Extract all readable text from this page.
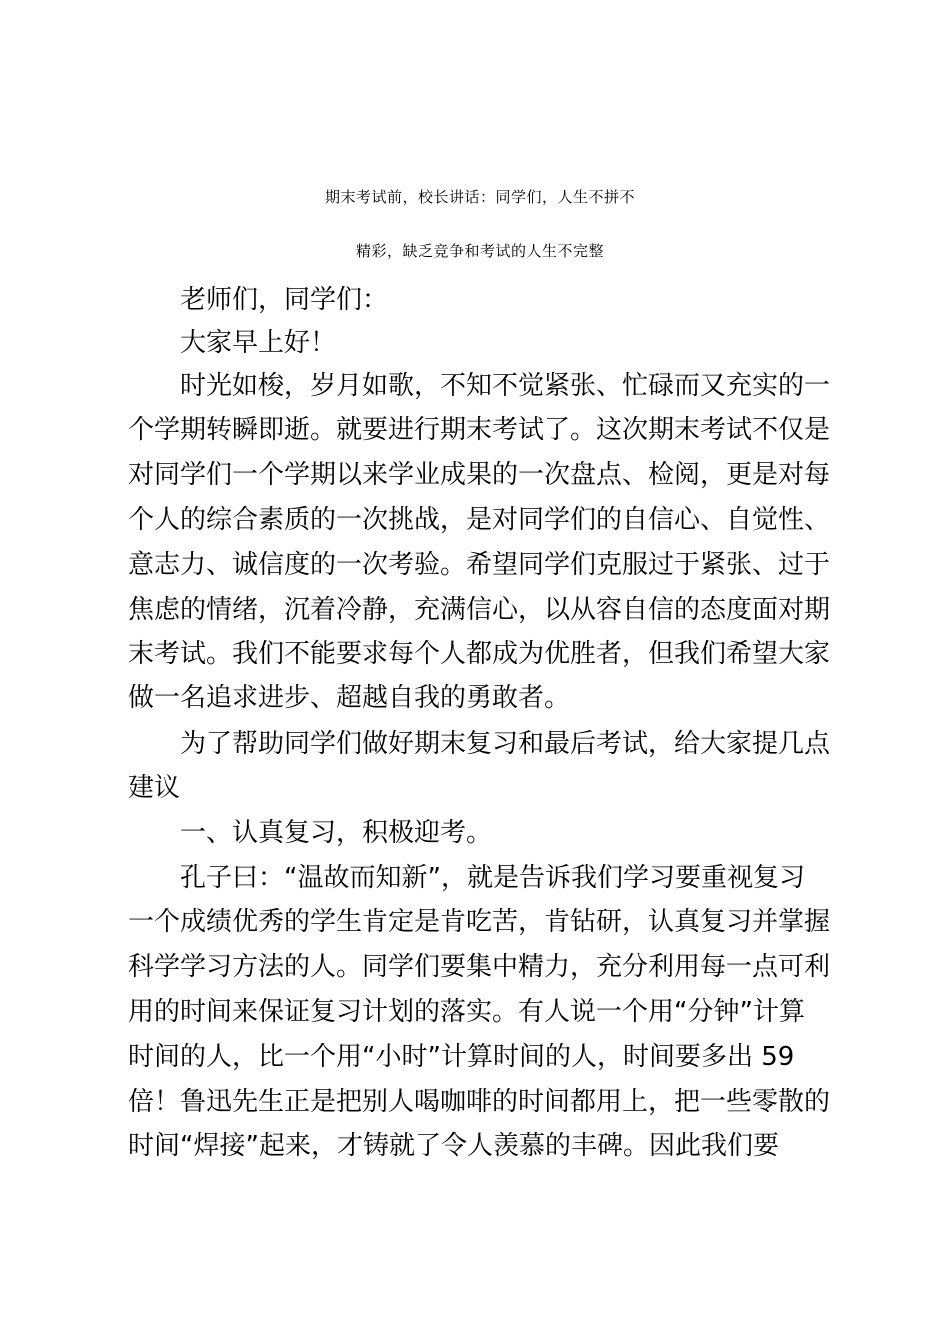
期末考试前，校长讲话：同学们，人生不拼不
精彩，缺乏竞争和考试的人生不完整
老师们，同学们：
大家早上好！
时光如梭，岁月如歌，不知不觉紧张、忙碌而又充实的一
个学期转瞬即逝。就要进行期末考试了。这次期末考试不仅是
对同学们一个学期以来学业成果的一次盘点、检阅，更是对每
个人的综合素质的一次挑战，是对同学们的自信心、自觉性、
意志力、诚信度的一次考验。希望同学们克服过于紧张、过于
焦虑的情绪，沉着冷静，充满信心，以从容自信的态度面对期
末考试。我们不能要求每个人都成为优胜者，但我们希望大家
做一名追求进步、超越自我的勇敢者。
为了帮助同学们做好期末复习和最后考试，给大家提几点
建议
一、认真复习，积极迎考。
孔子曰：“温故而知新”，就是告诉我们学习要重视复习
一个成绩优秀的学生肯定是肯吃苦，肯钻研，认真复习并掌握
科学学习方法的人。同学们要集中精力，充分利用每一点可利
用的时间来保证复习计划的落实。有人说一个用“分钟”计算
时间的人，比一个用“小时”计算时间的人，时间要多出 59
倍！鲁迅先生正是把别人喝咖啡的时间都用上，把一些零散的
时间“焊接”起来，才铸就了令人羡慕的丰碑。因此我们要
